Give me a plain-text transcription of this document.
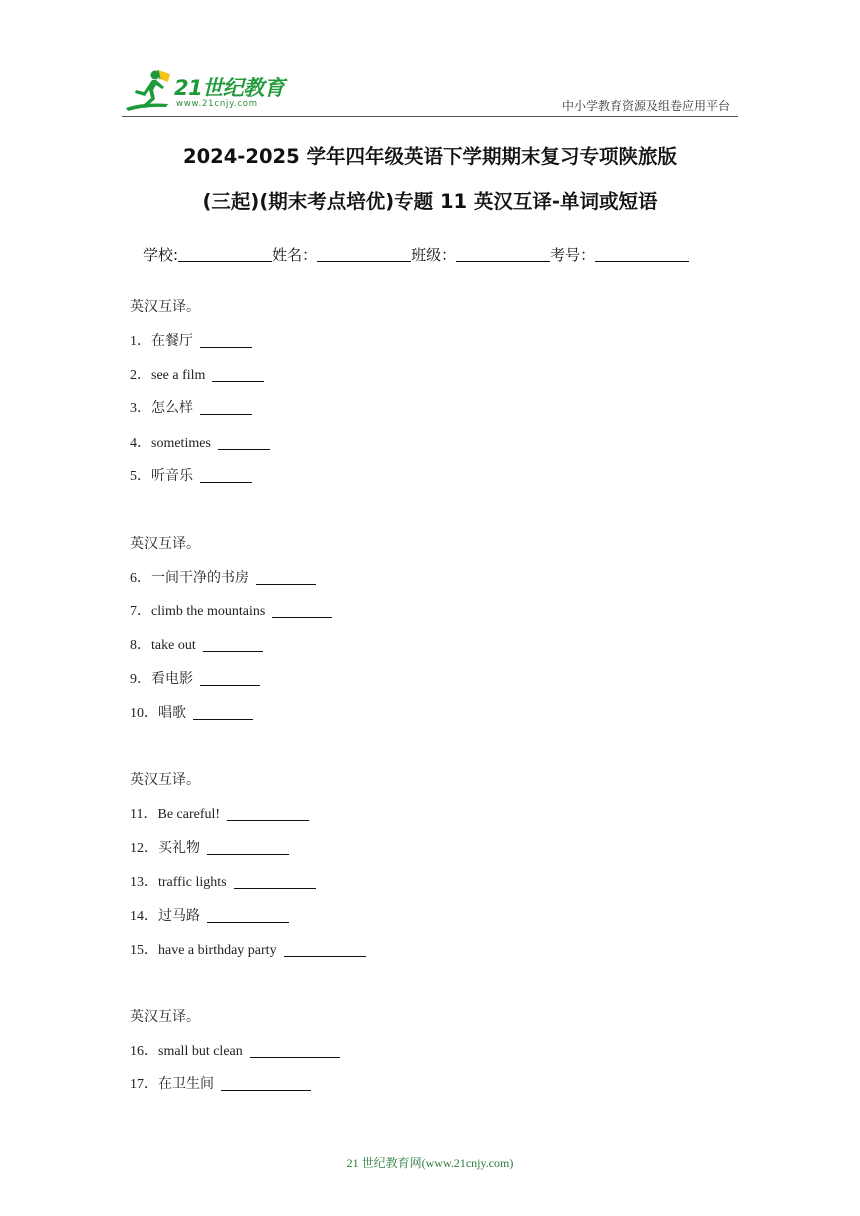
21世纪教育
www.21cnjy.com	中小学教育资源及组卷应用平台
2024-2025 学年四年级英语下学期期末复习专项陕旅版
(三起)(期末考点培优)专题 11 英汉互译-单词或短语
学校:	姓名：	班级：	考号：
英汉互译。
1．在餐厅
2．see a film
3．怎么样
4．sometimes
5．听音乐
英汉互译。
6．一间干净的书房
7．climb the mountains
8．take out
9．看电影
10．唱歌
英汉互译。
11．Be careful!
12．买礼物
13．traffic lights
14．过马路
15．have a birthday party
英汉互译。
16．small but clean
17．在卫生间
21 世纪教育网(www.21cnjy.com)
